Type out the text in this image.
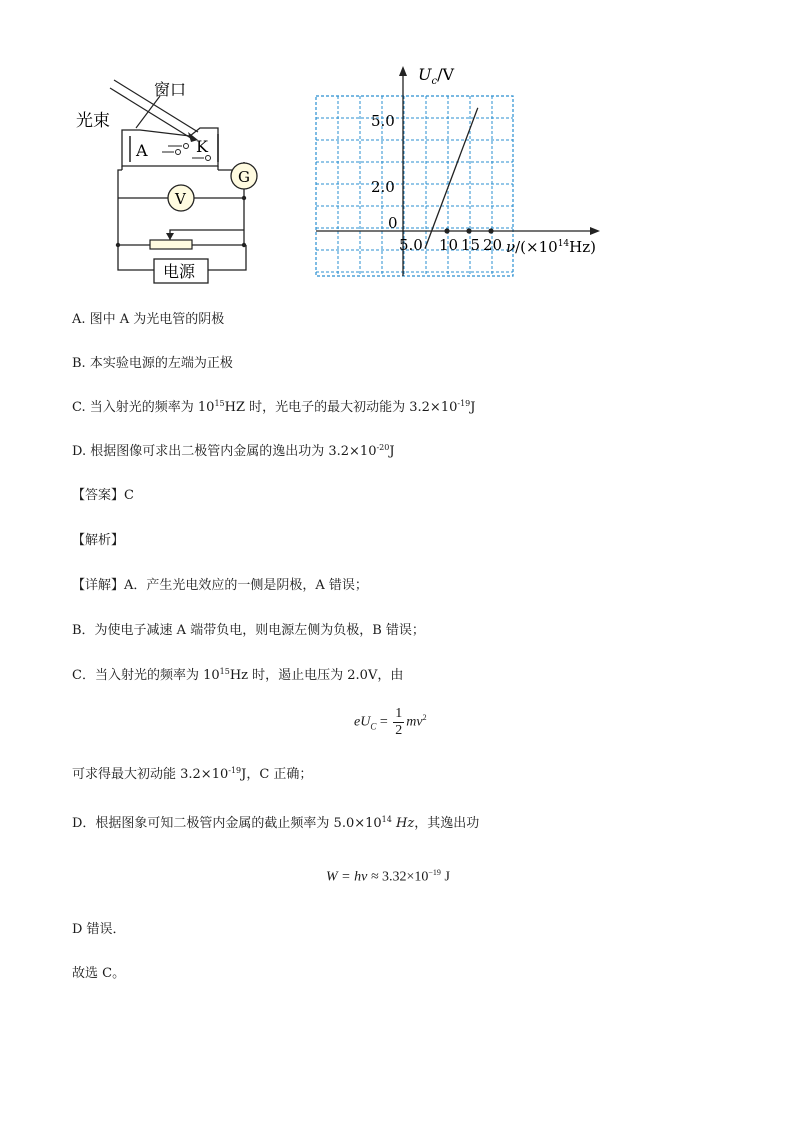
光束
窗口
A	K
G
V
电源
5.0 10 15 20
2.0
5.0
$U_c/V$
$\nu/(\times 10^{14}Hz)$
0
A. 图中 A 为光电管的阴极
B. 本实验电源的左端为正极
C. 当入射光的频率为 $10^{15}HZ$ 时，光电子的最大初动能为 $3.2\times 10^{-19}J$
D. 根据图像可求出二极管内金属的逸出功为 $3.2\times 10^{-20}J$
【答案】C
【解析】
【详解】A．产生光电效应的一侧是阴极，A 错误；
B．为使电子减速 A 端带负电，则电源左侧为负极，B 错误；
C．当入射光的频率为 $10^{15}Hz$ 时，遏止电压为 2.0V，由
$eU_C = \frac{1}{2} mv^2$
可求得最大初动能 $3.2\times 10^{-19}J$，C 正确；
D．根据图象可知二极管内金属的截止频率为 $5.0\times 10^{14}$ Hz，其逸出功
$W = h\nu \approx 3.32\times 10^{-19}$ J
D 错误．
故选 C。
